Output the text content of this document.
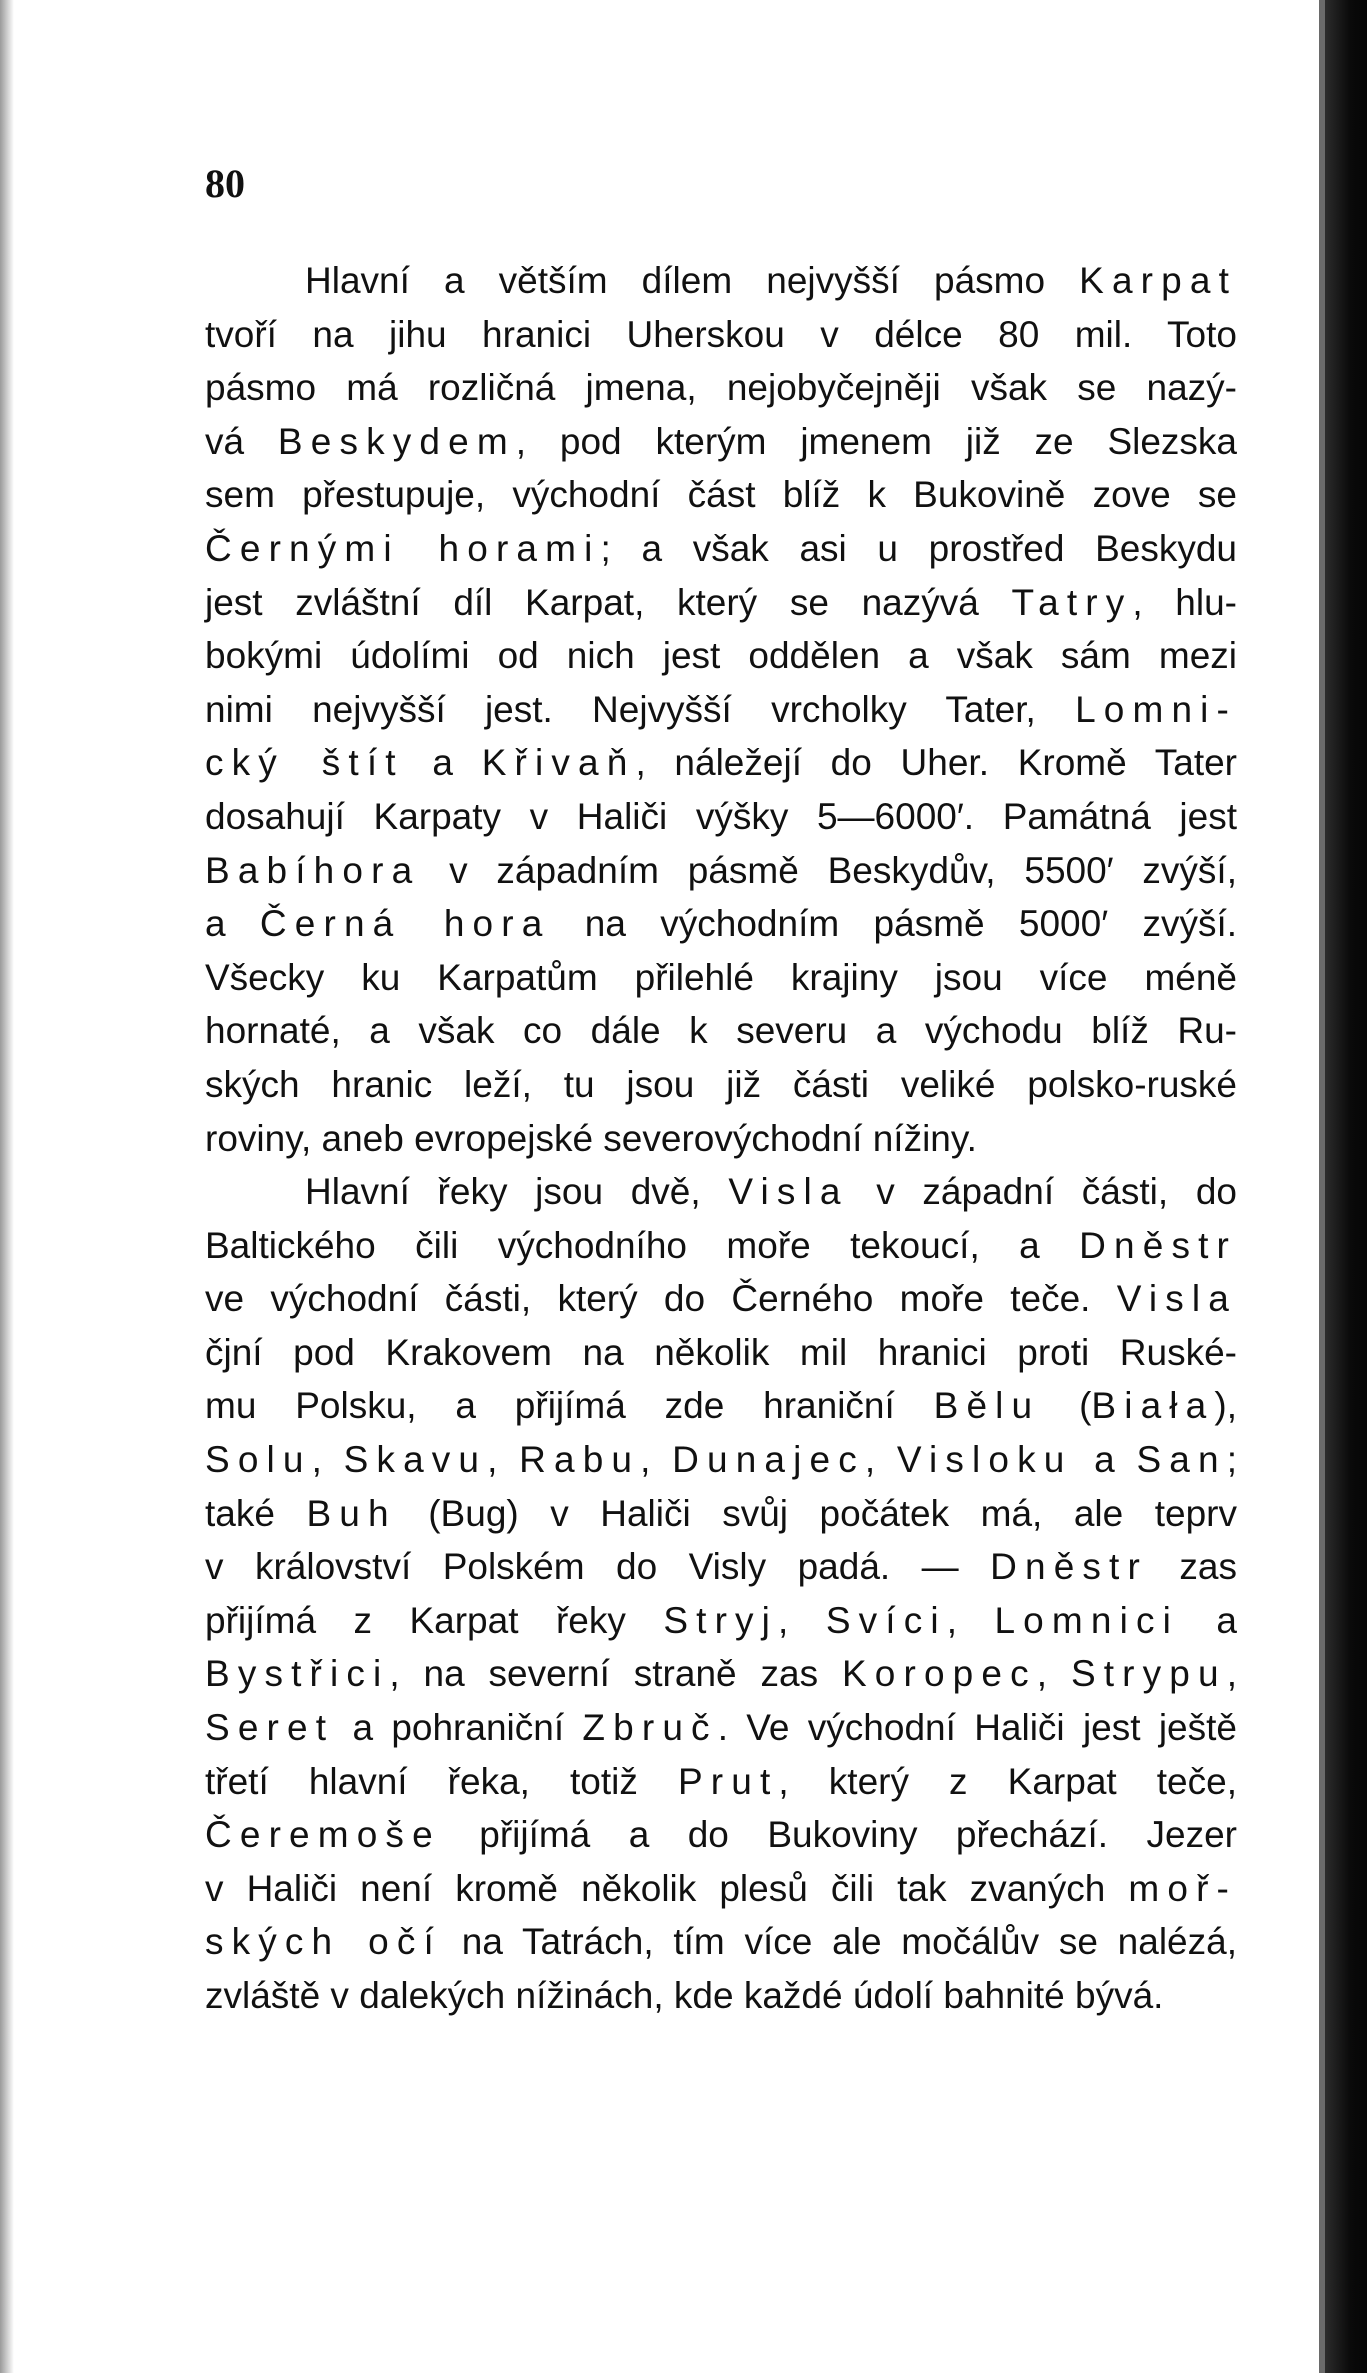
80
Hlavní a větším dílem nejvyšší pásmo Karpat
tvoří na jihu hranici Uherskou v délce 80 mil. Toto
pásmo má rozličná jmena, nejobyčejněji však se nazý-
vá Beskydem, pod kterým jmenem již ze Slezska
sem přestupuje, východní část blíž k Bukovině zove se
Černými horami; a však asi u prostřed Beskydu
jest zvláštní díl Karpat, který se nazývá Tatry, hlu-
bokými údolími od nich jest oddělen a však sám mezi
nimi nejvyšší jest. Nejvyšší vrcholky Tater, Lomni-
cký štít a Křivaň, náležejí do Uher. Kromě Tater
dosahují Karpaty v Haliči výšky 5—6000′. Památná jest
Babíhora v západním pásmě Beskydův, 5500′ zvýší,
a Černá hora na východním pásmě 5000′ zvýší.
Všecky ku Karpatům přilehlé krajiny jsou více méně
hornaté, a však co dále k severu a východu blíž Ru-
ských hranic leží, tu jsou již části veliké polsko-ruské
roviny, aneb evropejské severovýchodní nížiny.
Hlavní řeky jsou dvě, Visla v západní části, do
Baltického čili východního moře tekoucí, a Dněstr
ve východní části, který do Černého moře teče. Visla
čjní pod Krakovem na několik mil hranici proti Ruské-
mu Polsku, a přijímá zde hraniční Bělu (Biała),
Solu, Skavu, Rabu, Dunajec, Visloku a San;
také Buh (Bug) v Haliči svůj počátek má, ale teprv
v království Polském do Visly padá. — Dněstr zas
přijímá z Karpat řeky Stryj, Svíci, Lomnici a
Bystřici, na severní straně zas Koropec, Strypu,
Seret a pohraniční Zbruč. Ve východní Haliči jest ještě
třetí hlavní řeka, totiž Prut, který z Karpat teče,
Čeremoše přijímá a do Bukoviny přechází. Jezer
v Haliči není kromě několik plesů čili tak zvaných moř-
ských očí na Tatrách, tím více ale močálův se nalézá,
zvláště v dalekých nížinách, kde každé údolí bahnité bývá.
